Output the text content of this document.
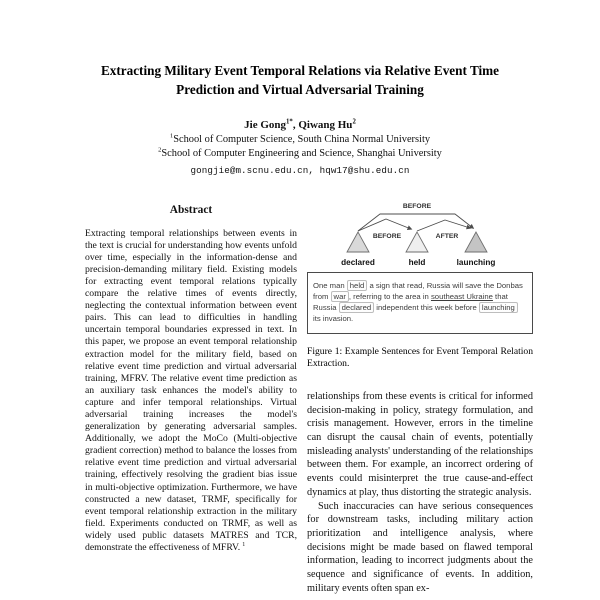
Extracting Military Event Temporal Relations via Relative Event Time
Prediction and Virtual Adversarial Training
Jie Gong$^{1*}$, Qiwang Hu$^2$
$^1$School of Computer Science, South China Normal University
$^2$School of Computer Engineering and Science, Shanghai University
gongjie@m.scnu.edu.cn, hqw17@shu.edu.cn
Abstract

Extracting temporal relationships between events in the text is crucial for understanding how events unfold over time, especially in the information-dense and precision-demanding military field. Existing models for extracting event temporal relations typically compare the relative times of events directly, neglecting the contextual information between event pairs. This can lead to difficulties in handling uncertain temporal boundaries expressed in text. In this paper, we propose an event temporal relationship extraction model for the military field, based on relative event time prediction and virtual adversarial training, MFRV. The relative event time prediction as an auxiliary task enhances the model's ability to capture and infer temporal relationships. Virtual adversarial training increases the model's generalization by generating adversarial samples. Additionally, we adopt the MoCo (Multi-objective gradient correction) method to balance the losses from relative event time prediction and virtual adversarial training, effectively resolving the gradient bias issue in multi-objective optimization. Furthermore, we have constructed a new dataset, TRMF, specifically for event temporal relationship extraction in the military field. Experiments conducted on TRMF, as well as widely used public datasets MATRES and TCR, demonstrate the effectiveness of MFRV. $^1$

BEFORE
BEFORE	AFTER
declared	held	launching
One man held a sign that read, Russia will save the Donbas from war , referring to the area in southeast Ukraine that Russia declared independent this week before launching its invasion.
Figure 1: Example Sentences for Event Temporal Relation Extraction.

relationships from these events is critical for informed decision-making in policy, strategy formulation, and crisis management. However, errors in the timeline can disrupt the causal chain of events, potentially misleading analysts' understanding of the relationships between them. For example, an incorrect ordering of events could misinterpret the true cause-and-effect dynamics at play, thus distorting the strategic analysis.

Such inaccuracies can have serious consequences for downstream tasks, including military action prioritization and intelligence analysis, where decisions might be made based on flawed temporal information, leading to incorrect judgments about the sequence and significance of events. In addition, military events often span ex-
